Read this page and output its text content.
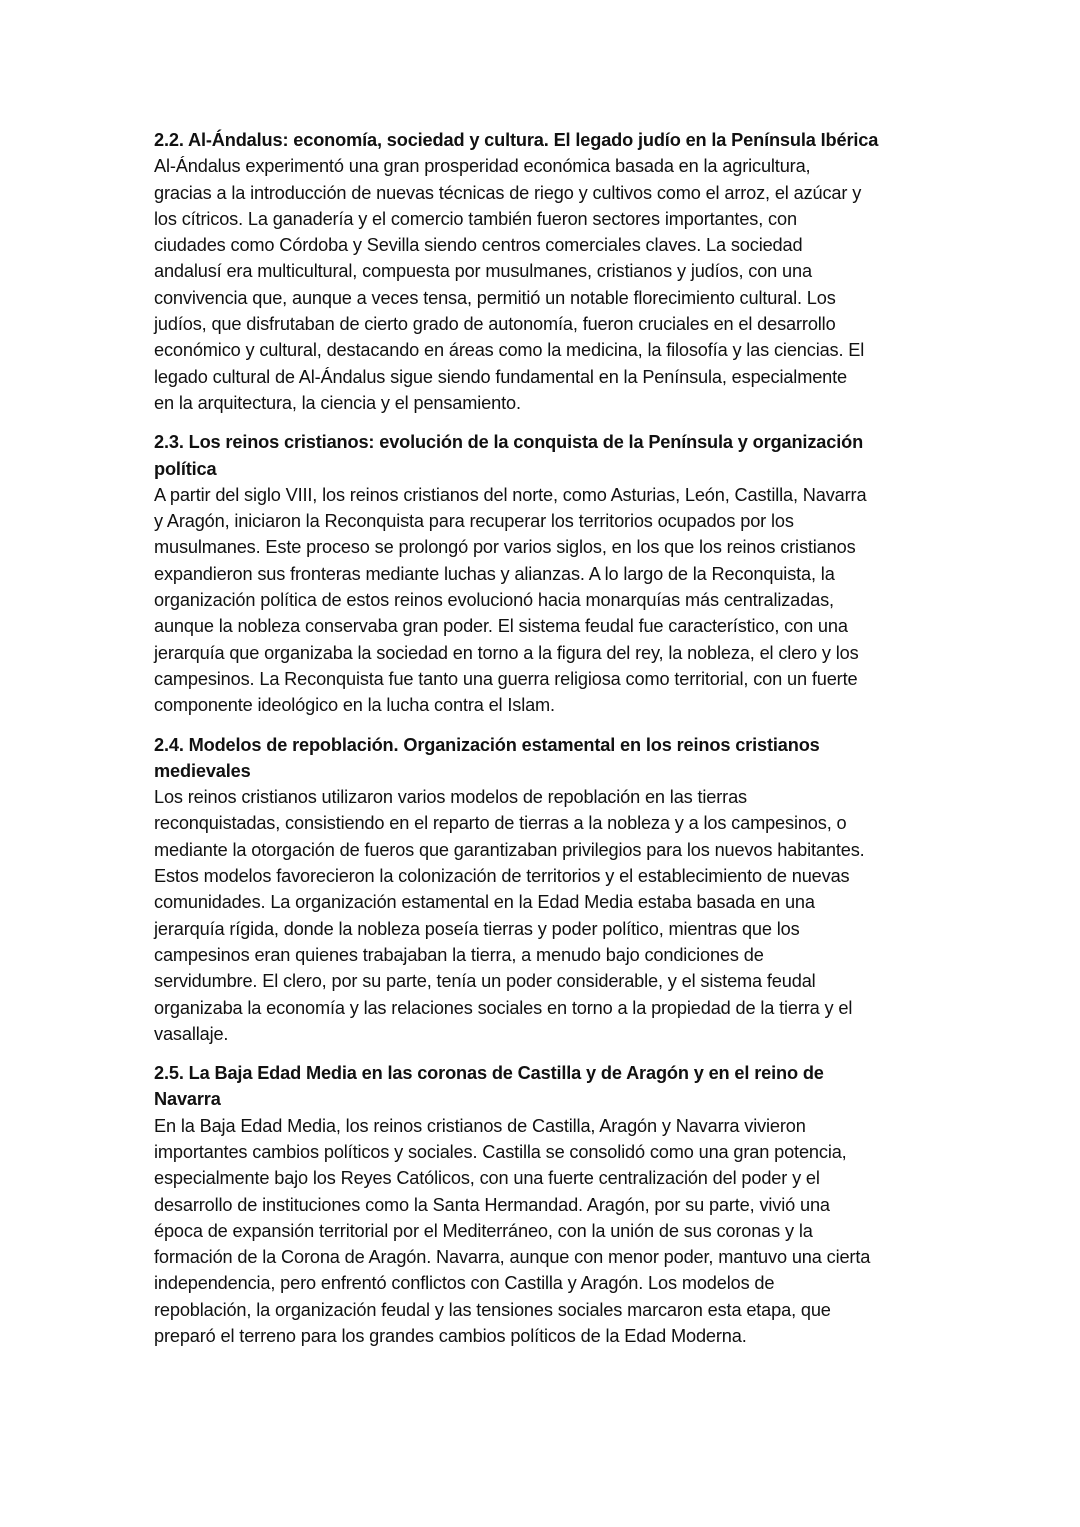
2.2. Al-Ándalus: economía, sociedad y cultura. El legado judío en la Península Ibérica

Al-Ándalus experimentó una gran prosperidad económica basada en la agricultura,
gracias a la introducción de nuevas técnicas de riego y cultivos como el arroz, el azúcar y
los cítricos. La ganadería y el comercio también fueron sectores importantes, con
ciudades como Córdoba y Sevilla siendo centros comerciales claves. La sociedad
andalusí era multicultural, compuesta por musulmanes, cristianos y judíos, con una
convivencia que, aunque a veces tensa, permitió un notable florecimiento cultural. Los
judíos, que disfrutaban de cierto grado de autonomía, fueron cruciales en el desarrollo
económico y cultural, destacando en áreas como la medicina, la filosofía y las ciencias. El
legado cultural de Al-Ándalus sigue siendo fundamental en la Península, especialmente
en la arquitectura, la ciencia y el pensamiento.

2.3. Los reinos cristianos: evolución de la conquista de la Península y organización
política

A partir del siglo VIII, los reinos cristianos del norte, como Asturias, León, Castilla, Navarra
y Aragón, iniciaron la Reconquista para recuperar los territorios ocupados por los
musulmanes. Este proceso se prolongó por varios siglos, en los que los reinos cristianos
expandieron sus fronteras mediante luchas y alianzas. A lo largo de la Reconquista, la
organización política de estos reinos evolucionó hacia monarquías más centralizadas,
aunque la nobleza conservaba gran poder. El sistema feudal fue característico, con una
jerarquía que organizaba la sociedad en torno a la figura del rey, la nobleza, el clero y los
campesinos. La Reconquista fue tanto una guerra religiosa como territorial, con un fuerte
componente ideológico en la lucha contra el Islam.

2.4. Modelos de repoblación. Organización estamental en los reinos cristianos
medievales

Los reinos cristianos utilizaron varios modelos de repoblación en las tierras
reconquistadas, consistiendo en el reparto de tierras a la nobleza y a los campesinos, o
mediante la otorgación de fueros que garantizaban privilegios para los nuevos habitantes.
Estos modelos favorecieron la colonización de territorios y el establecimiento de nuevas
comunidades. La organización estamental en la Edad Media estaba basada en una
jerarquía rígida, donde la nobleza poseía tierras y poder político, mientras que los
campesinos eran quienes trabajaban la tierra, a menudo bajo condiciones de
servidumbre. El clero, por su parte, tenía un poder considerable, y el sistema feudal
organizaba la economía y las relaciones sociales en torno a la propiedad de la tierra y el
vasallaje.

2.5. La Baja Edad Media en las coronas de Castilla y de Aragón y en el reino de
Navarra

En la Baja Edad Media, los reinos cristianos de Castilla, Aragón y Navarra vivieron
importantes cambios políticos y sociales. Castilla se consolidó como una gran potencia,
especialmente bajo los Reyes Católicos, con una fuerte centralización del poder y el
desarrollo de instituciones como la Santa Hermandad. Aragón, por su parte, vivió una
época de expansión territorial por el Mediterráneo, con la unión de sus coronas y la
formación de la Corona de Aragón. Navarra, aunque con menor poder, mantuvo una cierta
independencia, pero enfrentó conflictos con Castilla y Aragón. Los modelos de
repoblación, la organización feudal y las tensiones sociales marcaron esta etapa, que
preparó el terreno para los grandes cambios políticos de la Edad Moderna.
